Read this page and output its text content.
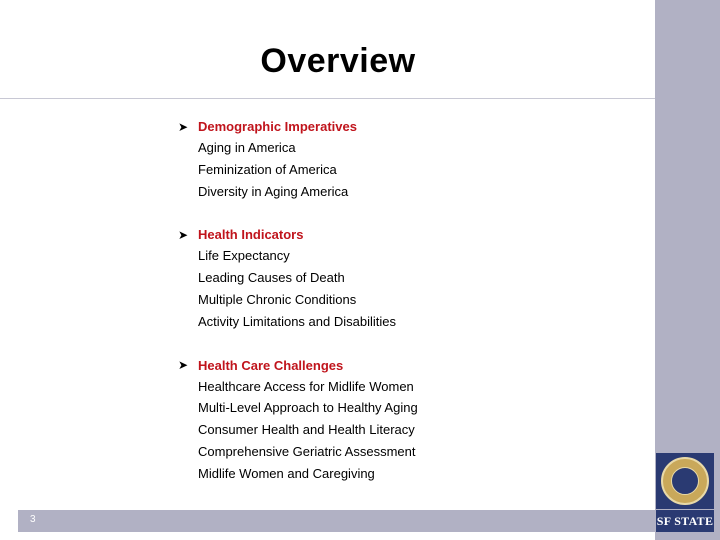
3
Overview
➤ Demographic Imperatives
Aging in America
Feminization of America
Diversity in Aging America
➤ Health Indicators
Life Expectancy
Leading Causes of Death
Multiple Chronic Conditions
Activity Limitations and Disabilities
➤ Health Care Challenges
Healthcare Access for Midlife Women
Multi-Level Approach to Healthy Aging
Consumer Health and Health Literacy
Comprehensive Geriatric Assessment
Midlife Women and Caregiving
SF STATE
